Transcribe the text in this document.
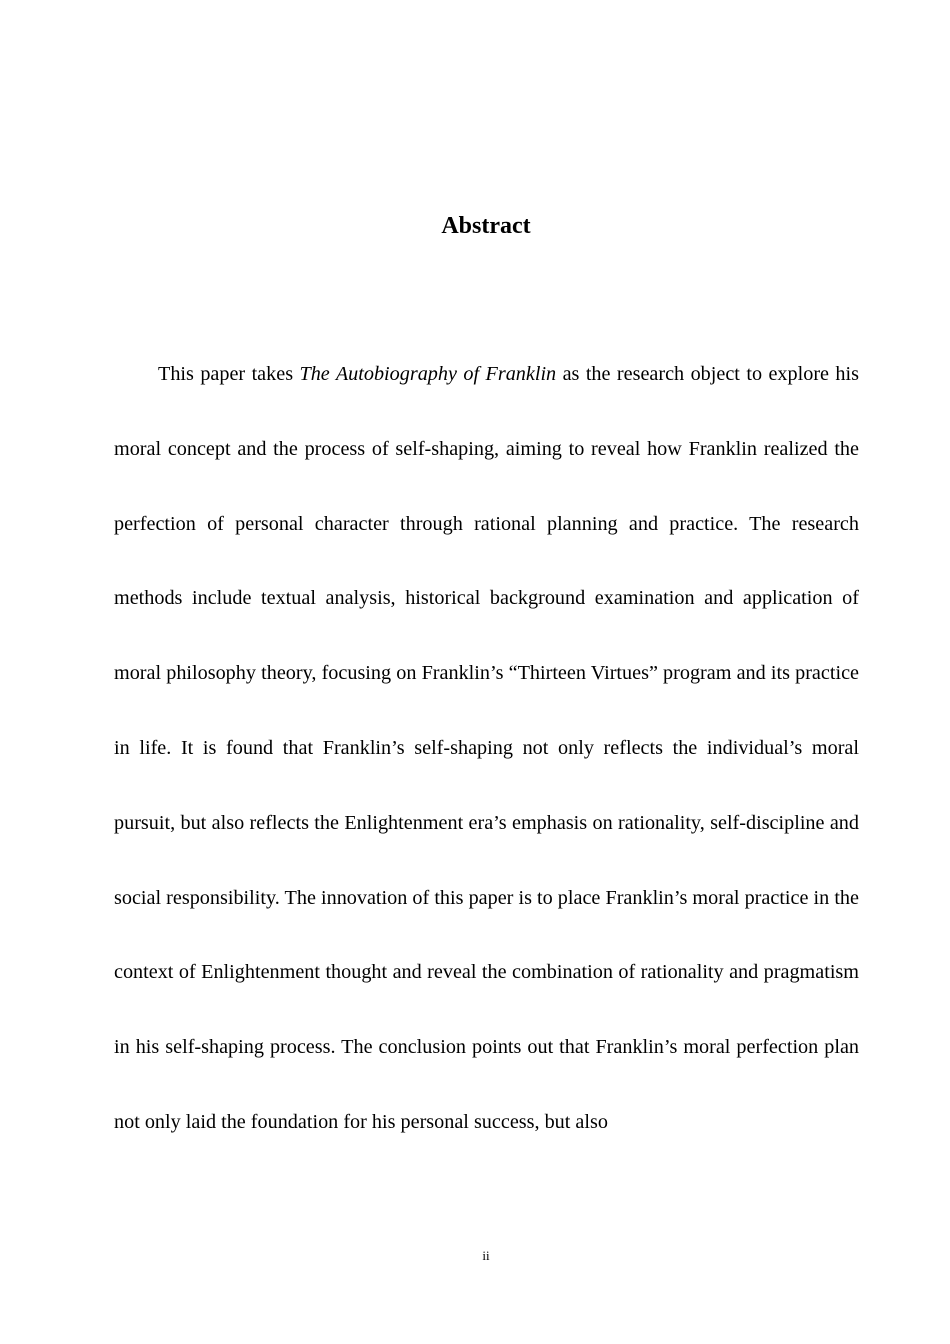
Abstract

This paper takes The Autobiography of Franklin as the research object to explore his moral concept and the process of self-shaping, aiming to reveal how Franklin realized the perfection of personal character through rational planning and practice. The research methods include textual analysis, historical background examination and application of moral philosophy theory, focusing on Franklin’s “Thirteen Virtues” program and its practice in life. It is found that Franklin’s self-shaping not only reflects the individual’s moral pursuit, but also reflects the Enlightenment era’s emphasis on rationality, self-discipline and social responsibility. The innovation of this paper is to place Franklin’s moral practice in the context of Enlightenment thought and reveal the combination of rationality and pragmatism in his self-shaping process. The conclusion points out that Franklin’s moral perfection plan not only laid the foundation for his personal success, but also

ii
